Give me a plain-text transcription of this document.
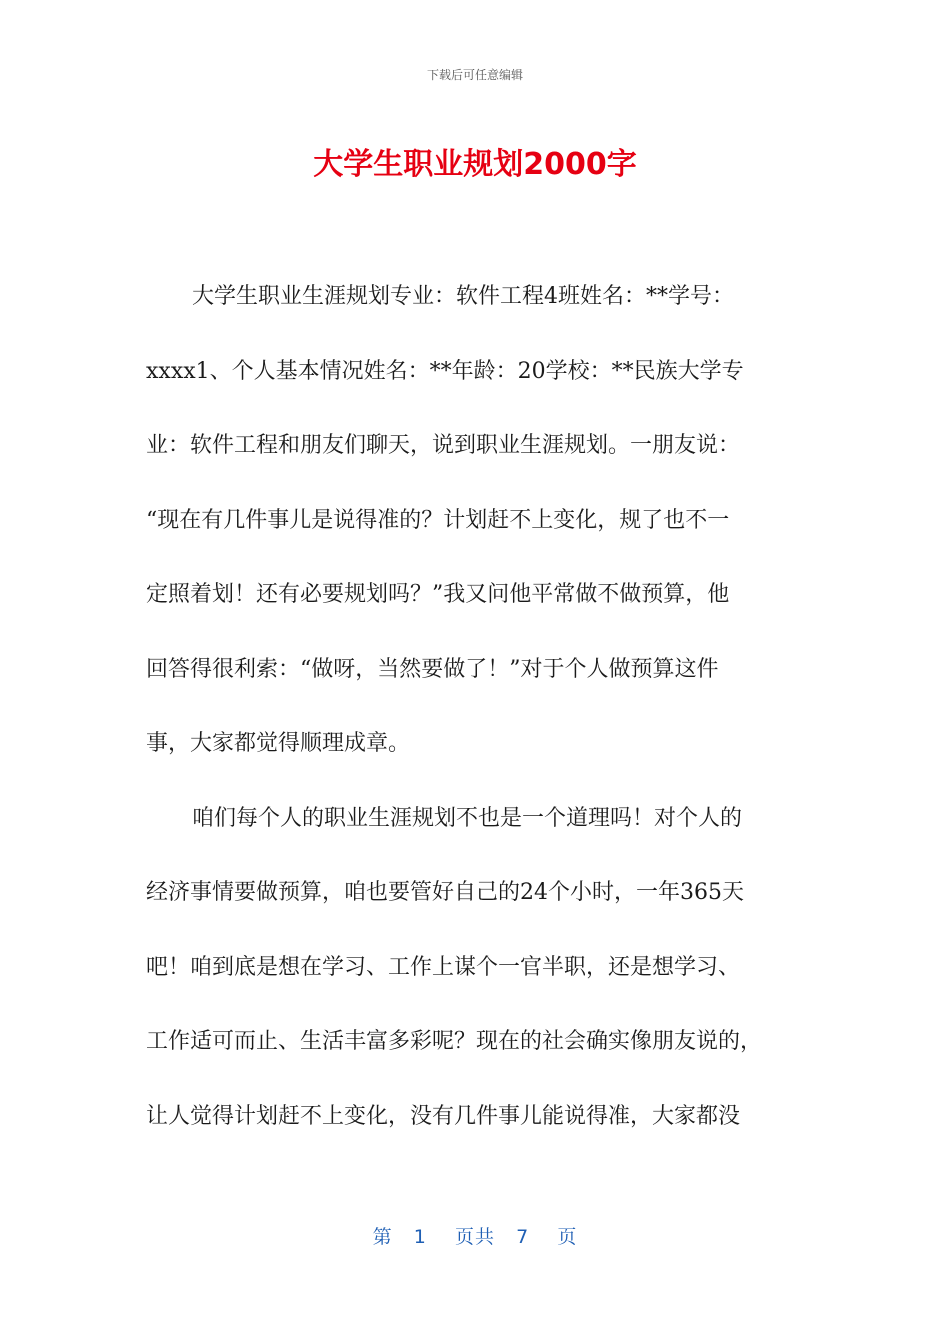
下载后可任意编辑
大学生职业规划2000字
大学生职业生涯规划专业：软件工程4班姓名：**学号：
xxxx1、个人基本情况姓名：**年龄：20学校：**民族大学专
业：软件工程和朋友们聊天，说到职业生涯规划。一朋友说：
“现在有几件事儿是说得准的？计划赶不上变化，规了也不一
定照着划！还有必要规划吗？”我又问他平常做不做预算，他
回答得很利索：“做呀，当然要做了！”对于个人做预算这件
事，大家都觉得顺理成章。
咱们每个人的职业生涯规划不也是一个道理吗！对个人的
经济事情要做预算，咱也要管好自己的24个小时，一年365天
吧！咱到底是想在学习、工作上谋个一官半职，还是想学习、
工作适可而止、生活丰富多彩呢？现在的社会确实像朋友说的，
让人觉得计划赶不上变化，没有几件事儿能说得准，大家都没
第 1 页共 7 页
